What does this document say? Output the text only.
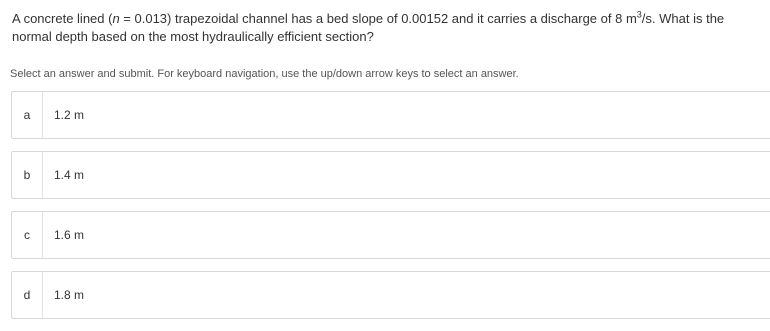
A concrete lined (n = 0.013) trapezoidal channel has a bed slope of 0.00152 and it carries a discharge of 8 $m^3/s$. What is the normal depth based on the most hydraulically efficient section?
Select an answer and submit. For keyboard navigation, use the up/down arrow keys to select an answer.
a	1.2 m
b	1.4 m
c	1.6 m
d	1.8 m
